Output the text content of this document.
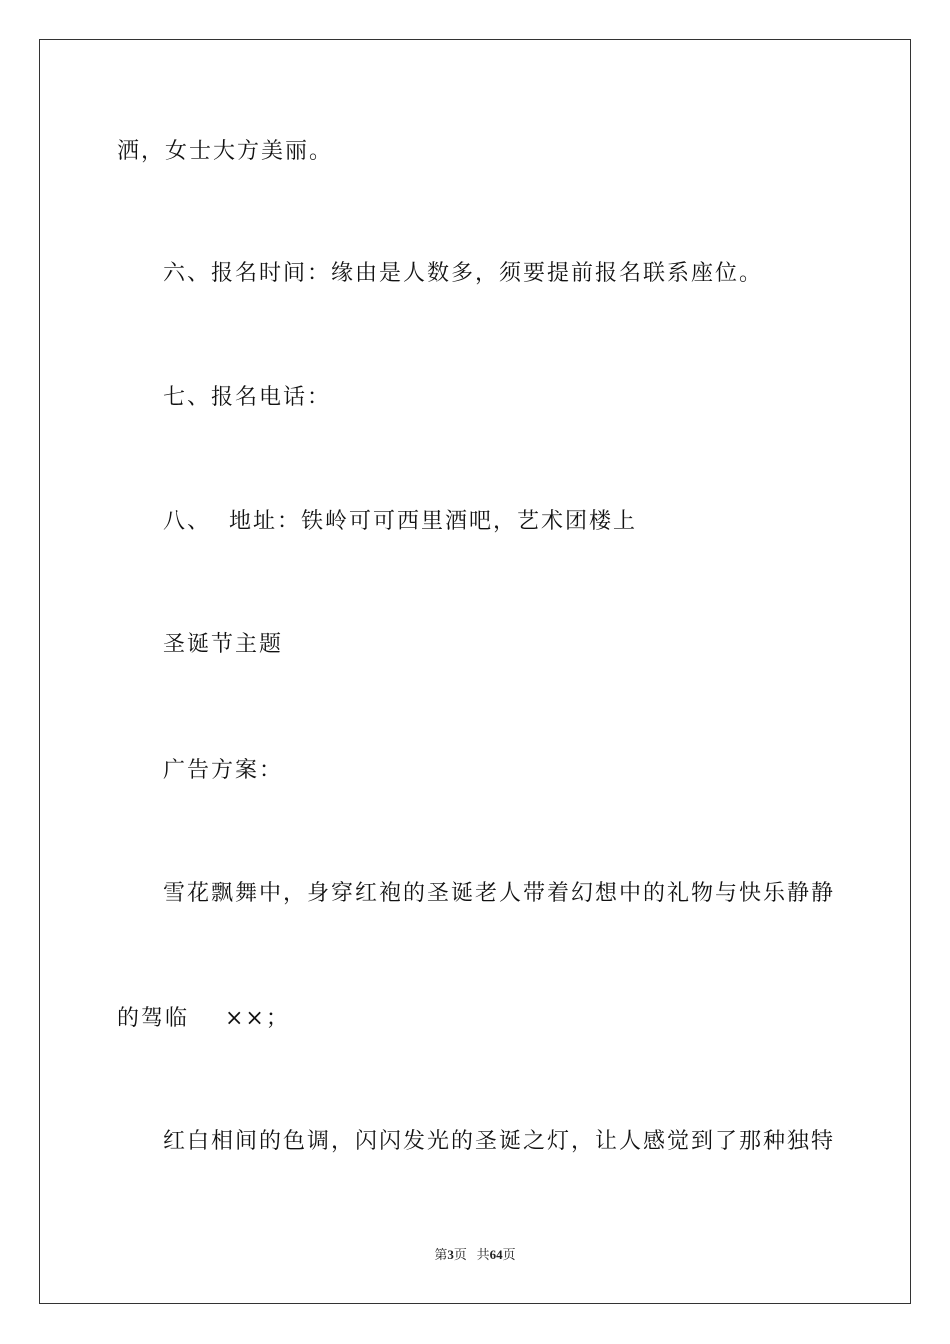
洒，女士大方美丽。
六、报名时间：缘由是人数多，须要提前报名联系座位。
七、报名电话：
八、  地址：铁岭可可西里酒吧，艺术团楼上
圣诞节主题
广告方案：
雪花飘舞中，身穿红袍的圣诞老人带着幻想中的礼物与快乐静静
的驾临    ××；
红白相间的色调，闪闪发光的圣诞之灯，让人感觉到了那种独特
第3页 共64页
